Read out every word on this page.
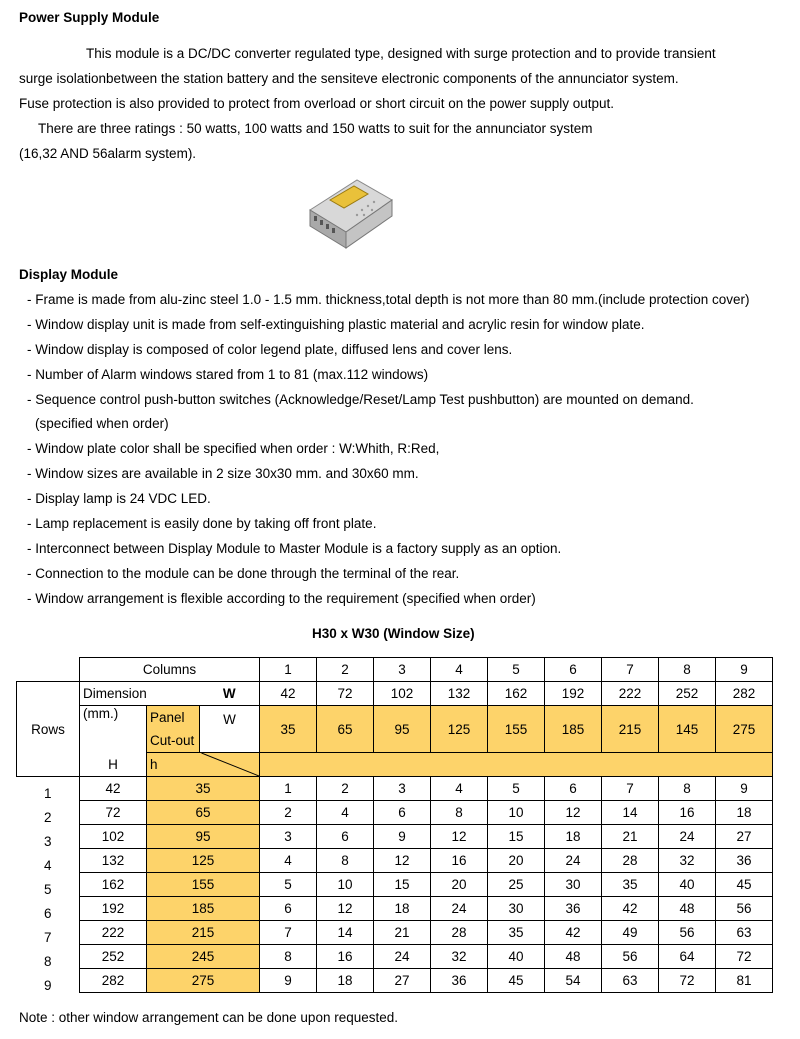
Power Supply Module
This module is a DC/DC converter regulated type, designed with surge protection and to provide transient
surge isolationbetween the station battery and the sensiteve electronic components of the annunciator system.
Fuse protection is also provided to protect from overload or short circuit on the power supply output.
There are three ratings : 50 watts, 100 watts and 150 watts to suit for the annunciator system
(16,32 AND 56alarm system).
Display Module
- Frame is made from alu-zinc steel 1.0 - 1.5 mm. thickness,total depth is not more than 80 mm.(include protection cover)
- Window display unit is made from self-extinguishing plastic material and acrylic resin for window plate.
- Window display is composed of color legend plate, diffused lens and cover lens.
- Number of Alarm windows stared from 1 to 81 (max.112 windows)
- Sequence control push-button switches (Acknowledge/Reset/Lamp Test pushbutton) are mounted on demand.
(specified when order)
- Window plate color shall be specified when order : W:Whith, R:Red,
- Window sizes are available in 2 size 30x30 mm. and 30x60 mm.
- Display lamp is 24 VDC LED.
- Lamp replacement is easily done by taking off front plate.
- Interconnect between Display Module to Master Module is a factory supply as an option.
- Connection to the module can be done through the terminal of the rear.
- Window arrangement is flexible according to the requirement (specified when order)
H30 x W30 (Window Size)
	Columns			1	2	3	4	5	6	7	8	9
Rows	Dimension		W	42	72	102	132	162	192	222	252	282
	(mm.)	Panel	W	35	65	95	125	155	185	215	145	275
		Cut-out										
	H	h									

1	42	35		1	2	3	4	5	6	7	8	9
2	72	65		2	4	6	8	10	12	14	16	18
3	102	95		3	6	9	12	15	18	21	24	27
4	132	125		4	8	12	16	20	24	28	32	36
5	162	155		5	10	15	20	25	30	35	40	45
6	192	185		6	12	18	24	30	36	42	48	56
7	222	215		7	14	21	28	35	42	49	56	63
8	252	245		8	16	24	32	40	48	56	64	72
9	282	275		9	18	27	36	45	54	63	72	81
Note : other window arrangement can be done upon requested.
